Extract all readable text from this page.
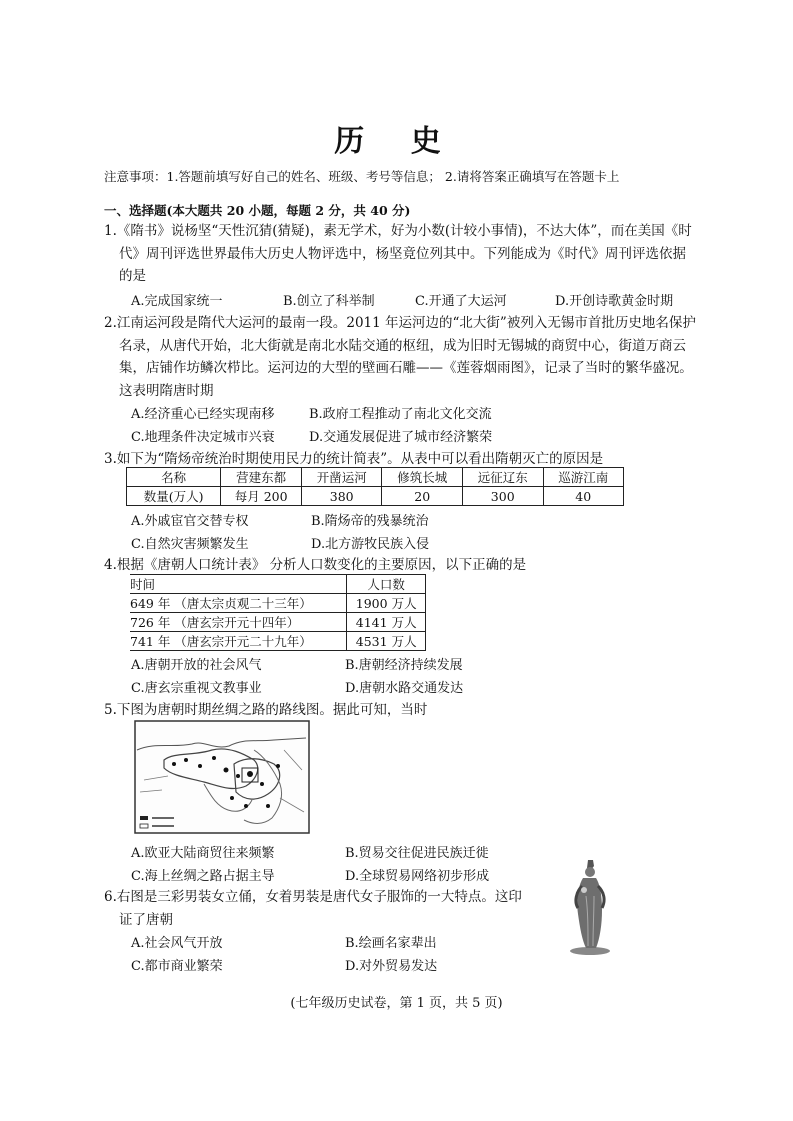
历 史
注意事项：1.答题前填写好自己的姓名、班级、考号等信息； 2.请将答案正确填写在答题卡上
一、选择题(本大题共 20 小题，每题 2 分，共 40 分)
1.《隋书》说杨坚“天性沉猜(猜疑)，素无学术，好为小数(计较小事情)，不达大体”，而在美国《时代》周刊评选世界最伟大历史人物评选中，杨坚竟位列其中。下列能成为《时代》周刊评选依据的是
A.完成国家统一	B.创立了科举制	C.开通了大运河	D.开创诗歌黄金时期
2.江南运河段是隋代大运河的最南一段。2011 年运河边的“北大街”被列入无锡市首批历史地名保护名录，从唐代开始，北大街就是南北水陆交通的枢纽，成为旧时无锡城的商贸中心，街道万商云集，店铺作坊鳞次栉比。运河边的大型的壁画石雕——《莲蓉烟雨图》，记录了当时的繁华盛况。这表明隋唐时期
A.经济重心已经实现南移	B.政府工程推动了南北文化交流
C.地理条件决定城市兴衰	D.交通发展促进了城市经济繁荣
3.如下为“隋炀帝统治时期使用民力的统计简表”。从表中可以看出隋朝灭亡的原因是
名称	营建东都	开凿运河	修筑长城	远征辽东	巡游江南
数量(万人)	每月 200	380	20	300	40
A.外戚宦官交替专权	B.隋炀帝的残暴统治
C.自然灾害频繁发生	D.北方游牧民族入侵
4.根据《唐朝人口统计表》 分析人口数变化的主要原因，以下正确的是
时间	人口数
649 年 （唐太宗贞观二十三年）	1900 万人
726 年 （唐玄宗开元十四年）	4141 万人
741 年 （唐玄宗开元二十九年）	4531 万人
A.唐朝开放的社会风气	B.唐朝经济持续发展
C.唐玄宗重视文教事业	D.唐朝水路交通发达
5.下图为唐朝时期丝绸之路的路线图。据此可知，当时
A.欧亚大陆商贸往来频繁	B.贸易交往促进民族迁徙
C.海上丝绸之路占据主导	D.全球贸易网络初步形成
6.右图是三彩男装女立俑，女着男装是唐代女子服饰的一大特点。这印证了唐朝
A.社会风气开放	B.绘画名家辈出
C.都市商业繁荣	D.对外贸易发达
(七年级历史试卷，第 1 页，共 5 页)
